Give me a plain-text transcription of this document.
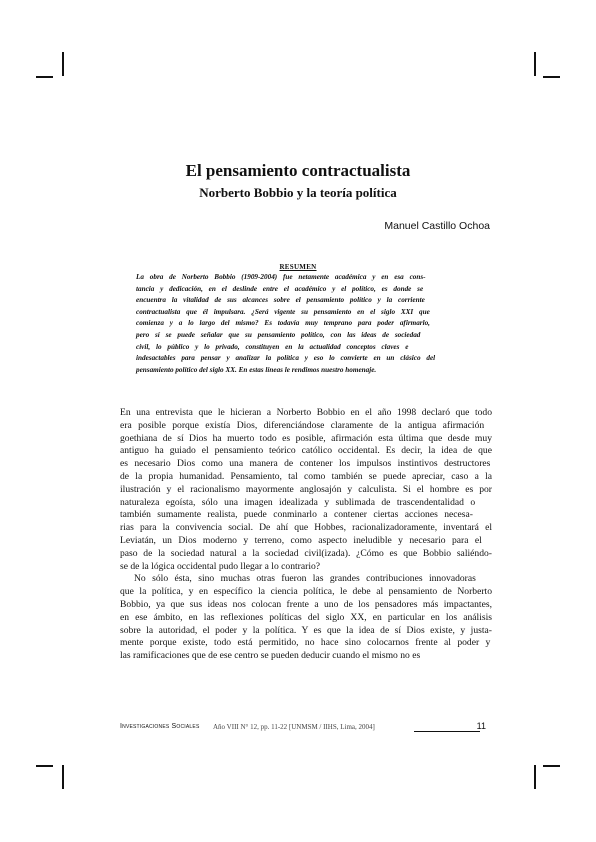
El pensamiento contractualista
Norberto Bobbio y la teoría política
Manuel Castillo Ochoa
RESUMEN
La obra de Norberto Bobbio (1909-2004) fue netamente académica y en esa cons-
tancia y dedicación, en el deslinde entre el académico y el político, es donde se
encuentra la vitalidad de sus alcances sobre el pensamiento político y la corriente
contractualista que él impulsara. ¿Será vigente su pensamiento en el siglo XXI que
comienza y a lo largo del mismo? Es todavía muy temprano para poder afirmarlo,
pero sí se puede señalar que su pensamiento político, con las ideas de sociedad
civil, lo público y lo privado, constituyen en la actualidad conceptos claves e
indesactables para pensar y analizar la política y eso lo convierte en un clásico del
pensamiento político del siglo XX. En estas líneas le rendimos nuestro homenaje.
En una entrevista que le hicieran a Norberto Bobbio en el año 1998 declaró que todo
era posible porque existía Dios, diferenciándose claramente de la antigua afirmación
goethiana de sí Dios ha muerto todo es posible, afirmación esta última que desde muy
antiguo ha guiado el pensamiento teórico católico occidental. Es decir, la idea de que
es necesario Dios como una manera de contener los impulsos instintivos destructores
de la propia humanidad. Pensamiento, tal como también se puede apreciar, caso a la
ilustración y el racionalismo mayormente anglosajón y calculista. Si el hombre es por
naturaleza egoísta, sólo una imagen idealizada y sublimada de trascendentalidad o
también sumamente realista, puede conminarlo a contener ciertas acciones necesa-
rias para la convivencia social. De ahí que Hobbes, racionalizadoramente, inventará el
Leviatán, un Dios moderno y terreno, como aspecto ineludible y necesario para el
paso de la sociedad natural a la sociedad civil(izada). ¿Cómo es que Bobbio saliéndo-
se de la lógica occidental pudo llegar a lo contrario?
No sólo ésta, sino muchas otras fueron las grandes contribuciones innovadoras
que la política, y en específico la ciencia política, le debe al pensamiento de Norberto
Bobbio, ya que sus ideas nos colocan frente a uno de los pensadores más impactantes,
en ese ámbito, en las reflexiones políticas del siglo XX, en particular en los análisis
sobre la autoridad, el poder y la política. Y es que la idea de sí Dios existe, y justa-
mente porque existe, todo está permitido, no hace sino colocarnos frente al poder y
las ramificaciones que de ese centro se pueden deducir cuando el mismo no es
Investigaciones Sociales Año VIII N° 12, pp. 11-22 [UNMSM / IIHS, Lima, 2004]	11
